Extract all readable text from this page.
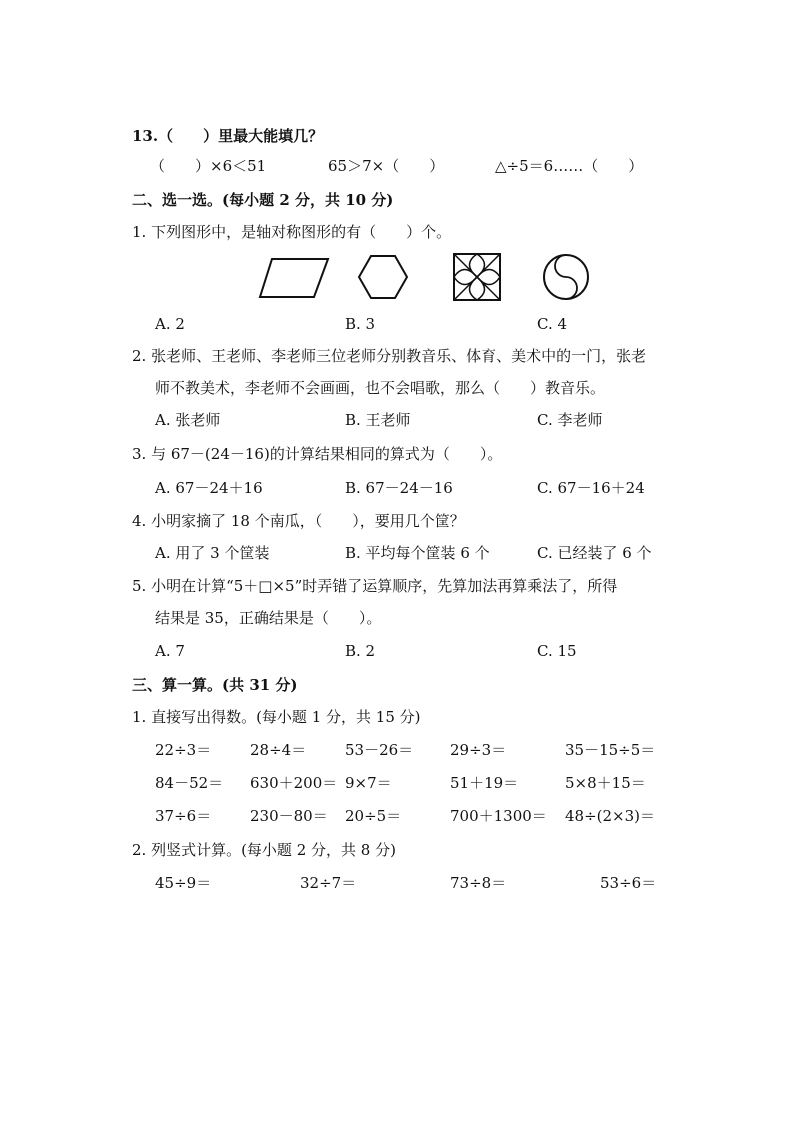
13.（　　）里最大能填几？
（　　）×6＜51	65＞7×（　　）	△÷5＝6……（　　）
二、选一选。(每小题 2 分，共 10 分)
1. 下列图形中，是轴对称图形的有（　　）个。
A. 2	B. 3	C. 4
2. 张老师、王老师、李老师三位老师分别教音乐、体育、美术中的一门，张老
师不教美术，李老师不会画画，也不会唱歌，那么（　　）教音乐。
A. 张老师	B. 王老师	C. 李老师
3. 与 67－(24－16)的计算结果相同的算式为（　　）。
A. 67－24＋16	B. 67－24－16	C. 67－16＋24
4. 小明家摘了 18 个南瓜，（　　），要用几个筐？
A. 用了 3 个筐装	B. 平均每个筐装 6 个	C. 已经装了 6 个
5. 小明在计算“5＋□×5”时弄错了运算顺序，先算加法再算乘法了，所得
结果是 35，正确结果是（　　）。
A. 7	B. 2	C. 15
三、算一算。(共 31 分)
1. 直接写出得数。(每小题 1 分，共 15 分)
22÷3＝	28÷4＝	53－26＝ 29÷3＝	35－15÷5＝
84－52＝ 630＋200＝ 9×7＝	51＋19＝	5×8＋15＝
37÷6＝	230－80＝ 20÷5＝	700＋1300＝ 48÷(2×3)＝
2. 列竖式计算。(每小题 2 分，共 8 分)
45÷9＝	32÷7＝	73÷8＝	53÷6＝
